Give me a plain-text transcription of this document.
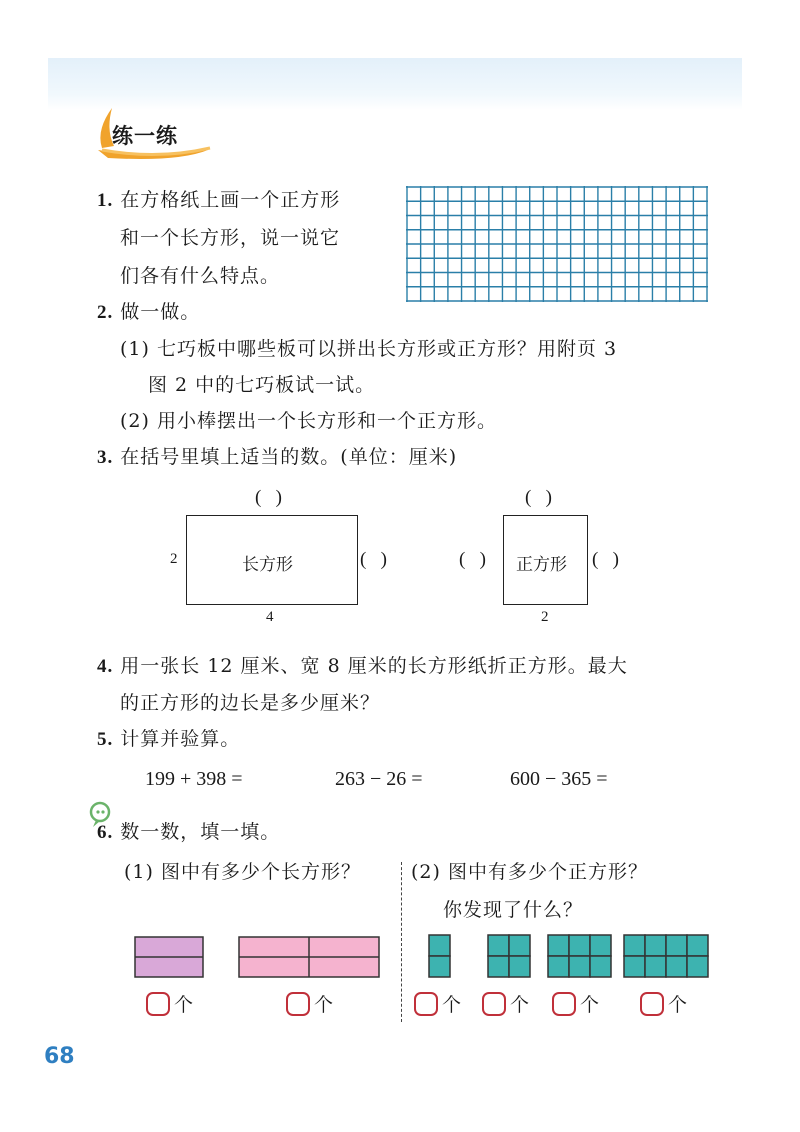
练一练
1. 在方格纸上画一个正方形
和一个长方形，说一说它
们各有什么特点。
2. 做一做。
(1) 七巧板中哪些板可以拼出长方形或正方形？用附页 3
图 2 中的七巧板试一试。
(2) 用小棒摆出一个长方形和一个正方形。
3. 在括号里填上适当的数。(单位：厘米)
(   )
长方形
2
4
(   )
(   )
正方形
(   )	(   )
2
4. 用一张长 12 厘米、宽 8 厘米的长方形纸折正方形。最大
的正方形的边长是多少厘米？
5. 计算并验算。
199 + 398 =	263 − 26 =	600 − 365 =
6. 数一数，填一填。
(1) 图中有多少个长方形？	(2) 图中有多少个正方形？
你发现了什么？
个	个	个	个	个	个
68
